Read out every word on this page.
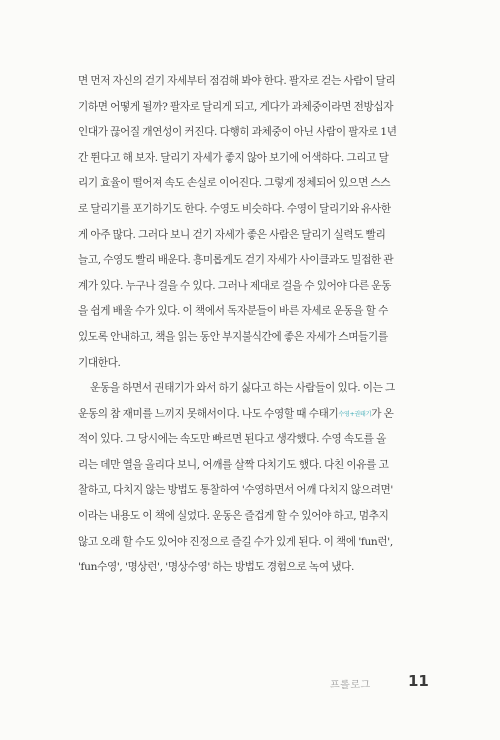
면 먼저 자신의 걷기 자세부터 점검해 봐야 한다. 팔자로 걷는 사람이 달리
기하면 어떻게 될까? 팔자로 달리게 되고, 게다가 과체중이라면 전방십자
인대가 끊어질 개연성이 커진다. 다행히 과체중이 아닌 사람이 팔자로 1년
간 뛴다고 해 보자. 달리기 자세가 좋지 않아 보기에 어색하다. 그리고 달
리기 효율이 떨어져 속도 손실로 이어진다. 그렇게 정체되어 있으면 스스
로 달리기를 포기하기도 한다. 수영도 비슷하다. 수영이 달리기와 유사한
게 아주 많다. 그러다 보니 걷기 자세가 좋은 사람은 달리기 실력도 빨리
늘고, 수영도 빨리 배운다. 흥미롭게도 걷기 자세가 사이클과도 밀접한 관
계가 있다. 누구나 걸을 수 있다. 그러나 제대로 걸을 수 있어야 다른 운동
을 쉽게 배울 수가 있다. 이 책에서 독자분들이 바른 자세로 운동을 할 수
있도록 안내하고, 책을 읽는 동안 부지불식간에 좋은 자세가 스며들기를
기대한다.
운동을 하면서 권태기가 와서 하기 싫다고 하는 사람들이 있다. 이는 그
운동의 참 재미를 느끼지 못해서이다. 나도 수영할 때 수태기수영+권태기가 온
적이 있다. 그 당시에는 속도만 빠르면 된다고 생각했다. 수영 속도를 올
리는 데만 열을 올리다 보니, 어깨를 살짝 다치기도 했다. 다친 이유를 고
찰하고, 다치지 않는 방법도 통찰하여 '수영하면서 어깨 다치지 않으려면'
이라는 내용도 이 책에 실었다. 운동은 즐겁게 할 수 있어야 하고, 멈추지
않고 오래 할 수도 있어야 진정으로 즐길 수가 있게 된다. 이 책에 'fun런',
'fun수영', '명상런', '명상수영' 하는 방법도 경험으로 녹여 냈다.
프롤로그 11
